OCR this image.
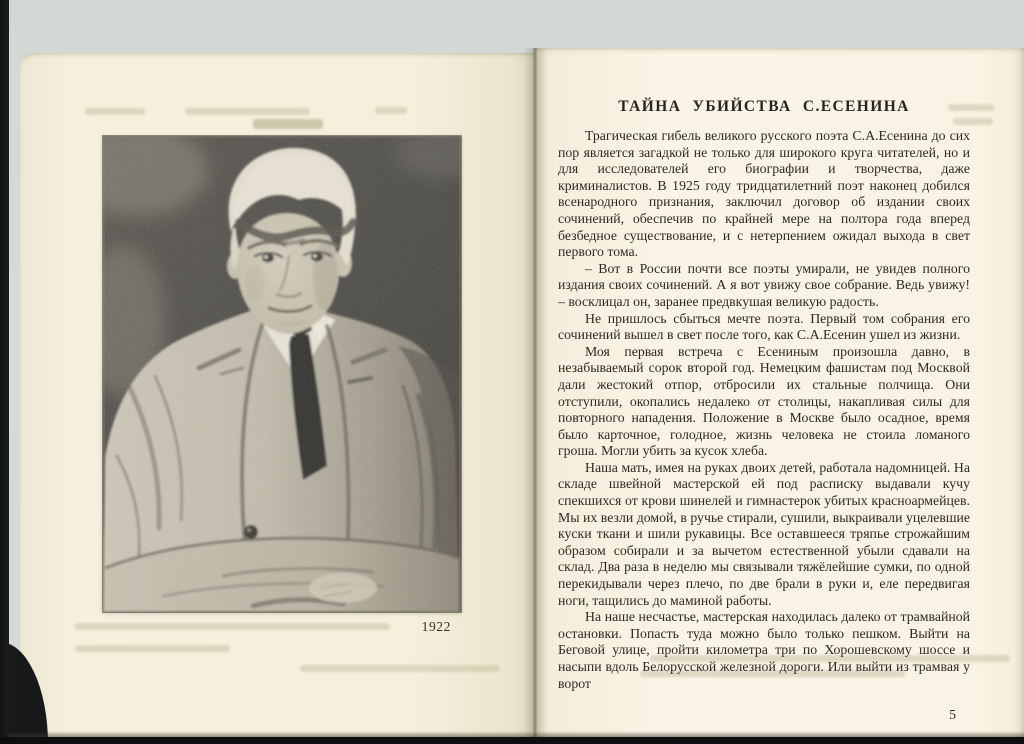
1922
ТАЙНА УБИЙСТВА С.ЕСЕНИНА

Трагическая гибель великого русского поэта С.А.Есенина до сих пор является загадкой не только для широкого круга читателей, но и для исследователей его биографии и творчества, даже криминалистов. В 1925 году тридцатилетний поэт наконец добился всенародного признания, заключил договор об издании своих сочинений, обеспечив по крайней мере на полтора года вперед безбедное существование, и с нетерпением ожидал выхода в свет первого тома.

– Вот в России почти все поэты умирали, не увидев полного издания своих сочинений. А я вот увижу свое собрание. Ведь увижу! – восклицал он, заранее предвкушая великую радость.

Не пришлось сбыться мечте поэта. Первый том собрания его сочинений вышел в свет после того, как С.А.Есенин ушел из жизни.

Моя первая встреча с Есениным произошла давно, в незабываемый сорок второй год. Немецким фашистам под Москвой дали жестокий отпор, отбросили их стальные полчища. Они отступили, окопались недалеко от столицы, накапливая силы для повторного нападения. Положение в Москве было осадное, время было карточное, голодное, жизнь человека не стоила ломаного гроша. Могли убить за кусок хлеба.

Наша мать, имея на руках двоих детей, работала надомницей. На складе швейной мастерской ей под расписку выдавали кучу спекшихся от крови шинелей и гимнастерок убитых красноармейцев. Мы их везли домой, в ручье стирали, сушили, выкраивали уцелевшие куски ткани и шили рукавицы. Все оставшееся тряпье строжайшим образом собирали и за вычетом естественной убыли сдавали на склад. Два раза в неделю мы связывали тяжёлейшие сумки, по одной перекидывали через плечо, по две брали в руки и, еле передвигая ноги, тащились до маминой работы.

На наше несчастье, мастерская находилась далеко от трамвайной остановки. Попасть туда можно было только пешком. Выйти на Беговой улице, пройти километра три по Хорошевскому шоссе и насыпи вдоль Белорусской железной дороги. Или выйти из трамвая у ворот

5
